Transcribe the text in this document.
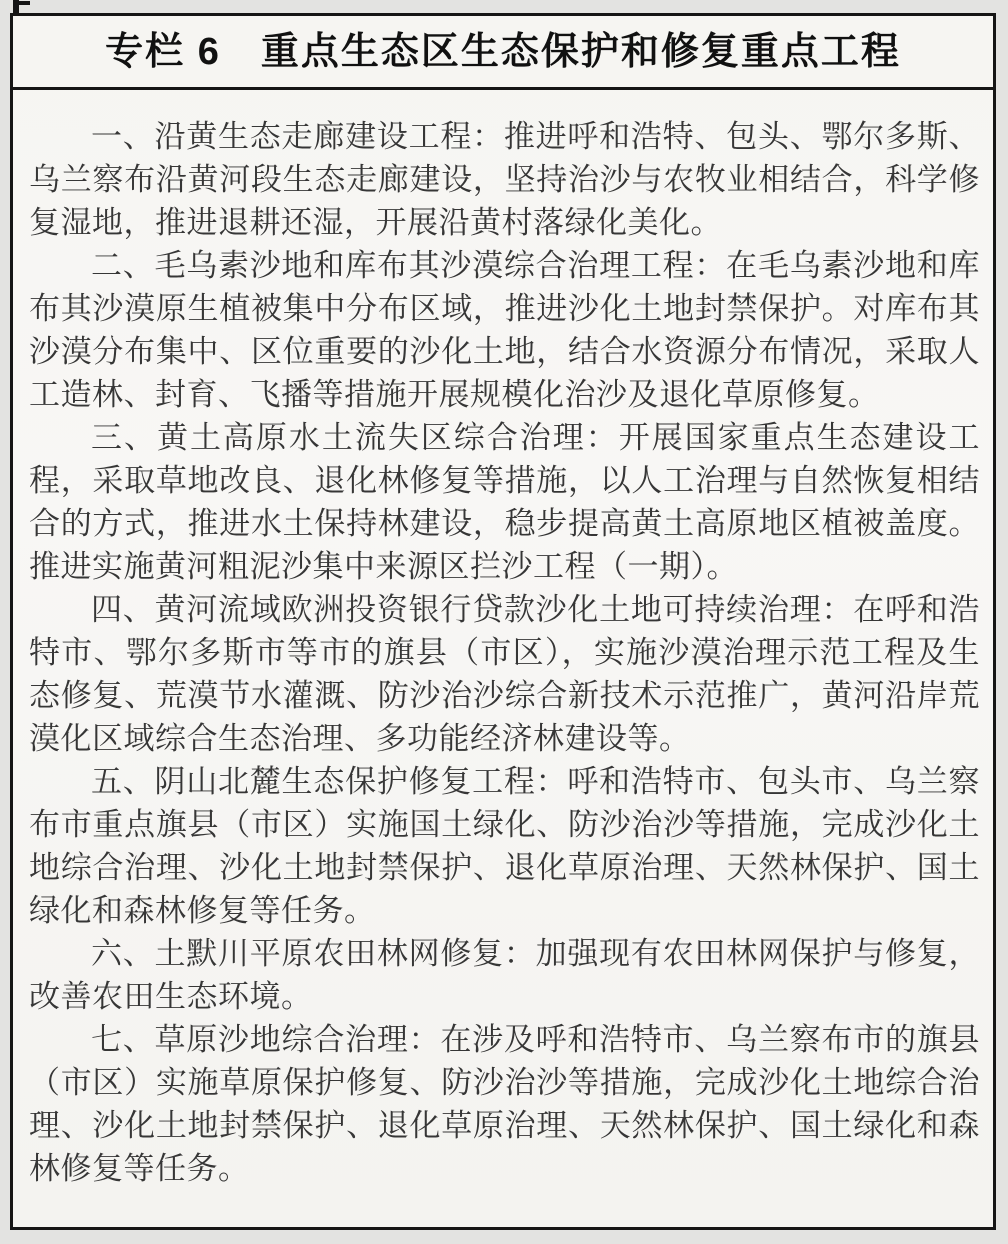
专栏 6　重点生态区生态保护和修复重点工程

一、沿黄生态走廊建设工程：推进呼和浩特、包头、鄂尔多斯、乌兰察布沿黄河段生态走廊建设，坚持治沙与农牧业相结合，科学修复湿地，推进退耕还湿，开展沿黄村落绿化美化。

二、毛乌素沙地和库布其沙漠综合治理工程：在毛乌素沙地和库布其沙漠原生植被集中分布区域，推进沙化土地封禁保护。对库布其沙漠分布集中、区位重要的沙化土地，结合水资源分布情况，采取人工造林、封育、飞播等措施开展规模化治沙及退化草原修复。

三、黄土高原水土流失区综合治理：开展国家重点生态建设工程，采取草地改良、退化林修复等措施，以人工治理与自然恢复相结合的方式，推进水土保持林建设，稳步提高黄土高原地区植被盖度。推进实施黄河粗泥沙集中来源区拦沙工程（一期）。

四、黄河流域欧洲投资银行贷款沙化土地可持续治理：在呼和浩特市、鄂尔多斯市等市的旗县（市区），实施沙漠治理示范工程及生态修复、荒漠节水灌溉、防沙治沙综合新技术示范推广，黄河沿岸荒漠化区域综合生态治理、多功能经济林建设等。

五、阴山北麓生态保护修复工程：呼和浩特市、包头市、乌兰察布市重点旗县（市区）实施国土绿化、防沙治沙等措施，完成沙化土地综合治理、沙化土地封禁保护、退化草原治理、天然林保护、国土绿化和森林修复等任务。

六、土默川平原农田林网修复：加强现有农田林网保护与修复，改善农田生态环境。

七、草原沙地综合治理：在涉及呼和浩特市、乌兰察布市的旗县（市区）实施草原保护修复、防沙治沙等措施，完成沙化土地综合治理、沙化土地封禁保护、退化草原治理、天然林保护、国土绿化和森林修复等任务。
